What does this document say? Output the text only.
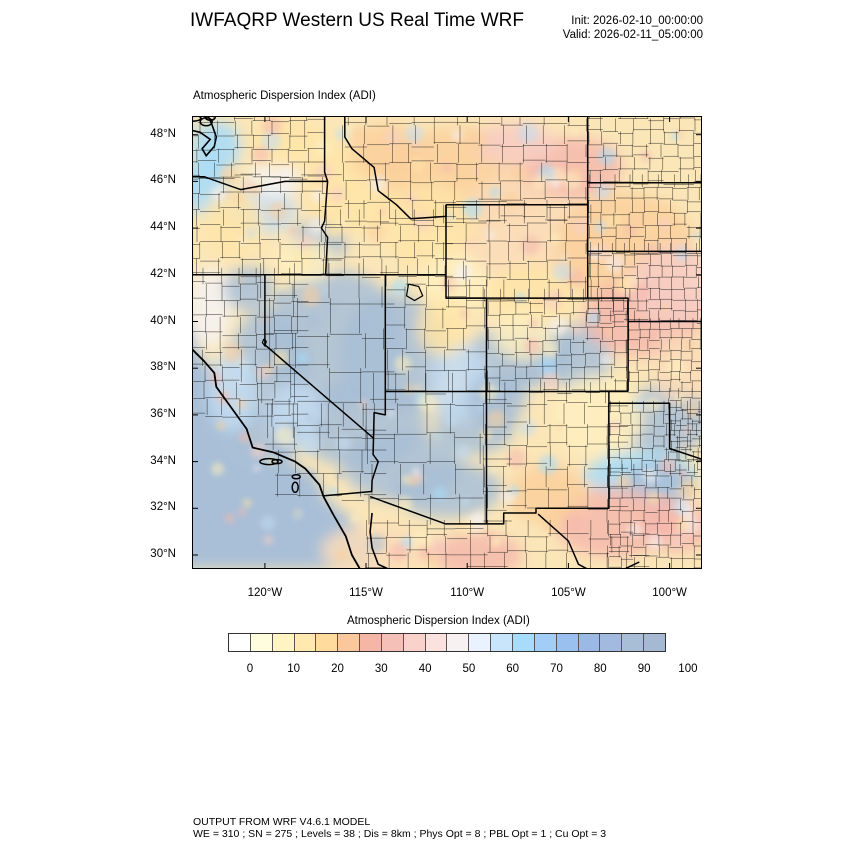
IWFAQRP Western US Real Time WRF	Init: 2026-02-10_00:00:00
Valid: 2026-02-11_05:00:00
Atmospheric Dispersion Index (ADI)
48°N
46°N
44°N
42°N
40°N
38°N
36°N
34°N
32°N
30°N
120°W	115°W	110°W	105°W	100°W
Atmospheric Dispersion Index (ADI)
0	10	20	30	40	50	60	70	80	90 100
OUTPUT FROM WRF V4.6.1 MODEL
WE = 310 ; SN = 275 ; Levels = 38 ; Dis = 8km ; Phys Opt = 8 ; PBL Opt = 1 ; Cu Opt = 3
